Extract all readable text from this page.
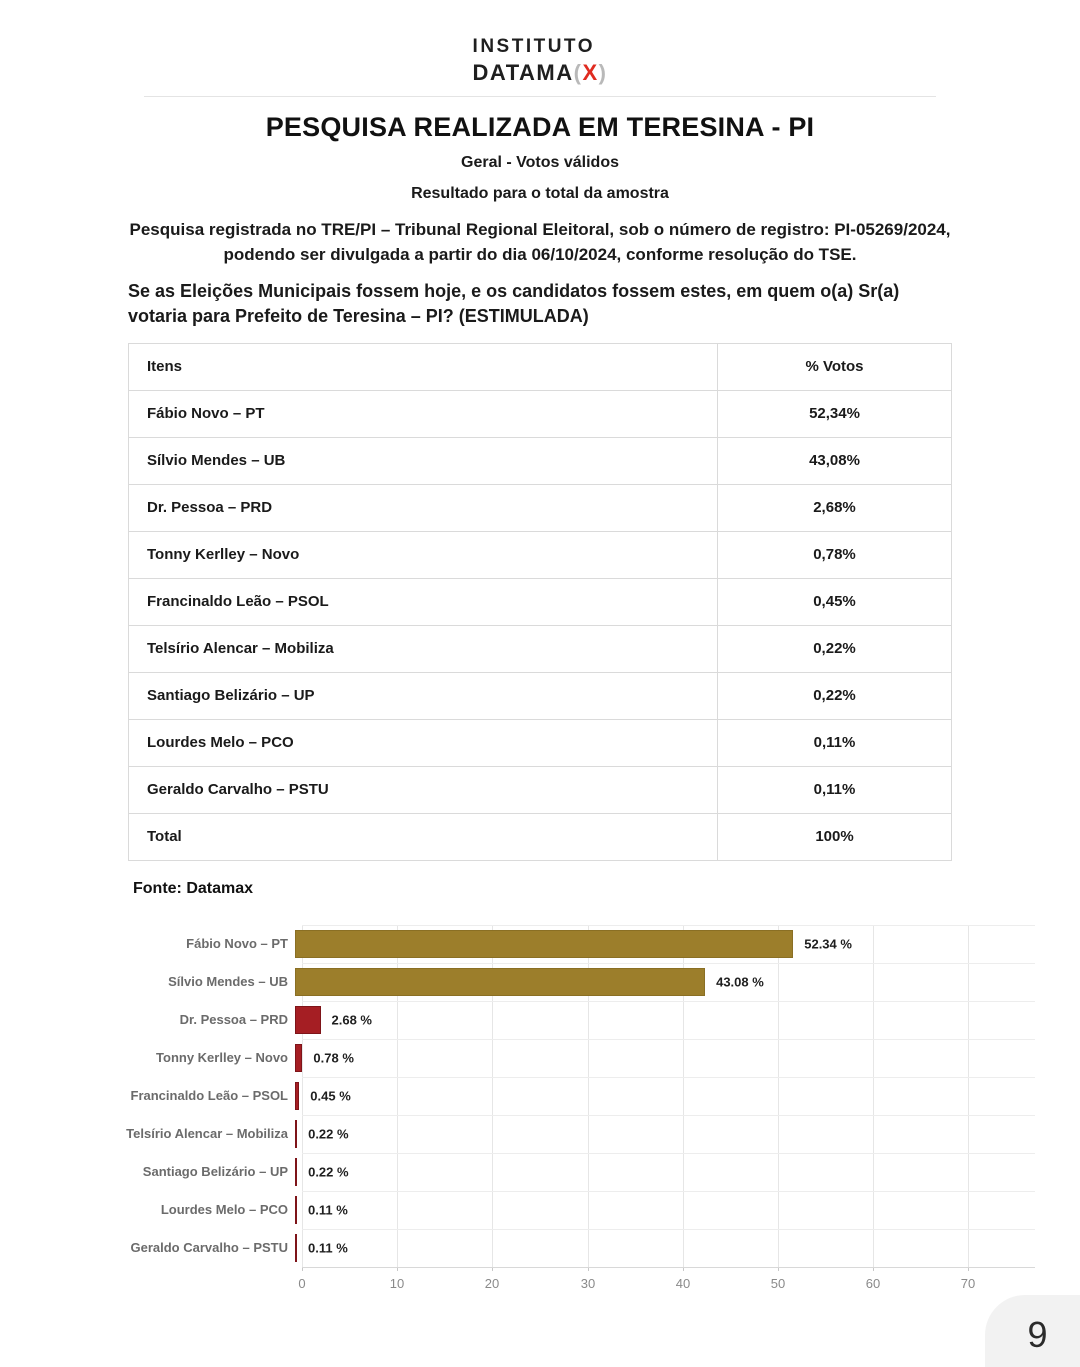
INSTITUTO
DATAMA(X)
PESQUISA REALIZADA EM TERESINA - PI
Geral - Votos válidos
Resultado para o total da amostra
Pesquisa registrada no TRE/PI – Tribunal Regional Eleitoral, sob o número de registro: PI-05269/2024, podendo ser divulgada a partir do dia 06/10/2024, conforme resolução do TSE.
Se as Eleições Municipais fossem hoje, e os candidatos fossem estes, em quem o(a) Sr(a) votaria para Prefeito de Teresina – PI? (ESTIMULADA)
Itens	% Votos
Fábio Novo – PT	52,34%
Sílvio Mendes – UB	43,08%
Dr. Pessoa – PRD	2,68%
Tonny Kerlley – Novo	0,78%
Francinaldo Leão – PSOL	0,45%
Telsírio Alencar – Mobiliza	0,22%
Santiago Belizário – UP	0,22%
Lourdes Melo – PCO	0,11%
Geraldo Carvalho – PSTU	0,11%
Total	100%
Fonte: Datamax
0	10	20	30	40	50	60	70
Fábio Novo – PT	52.34 %
Sílvio Mendes – UB	43.08 %
Dr. Pessoa – PRD	2.68 %
Tonny Kerlley – Novo	0.78 %
Francinaldo Leão – PSOL	0.45 %
Telsírio Alencar – Mobiliza	0.22 %
Santiago Belizário – UP	0.22 %
Lourdes Melo – PCO	0.11 %
Geraldo Carvalho – PSTU	0.11 %
9
